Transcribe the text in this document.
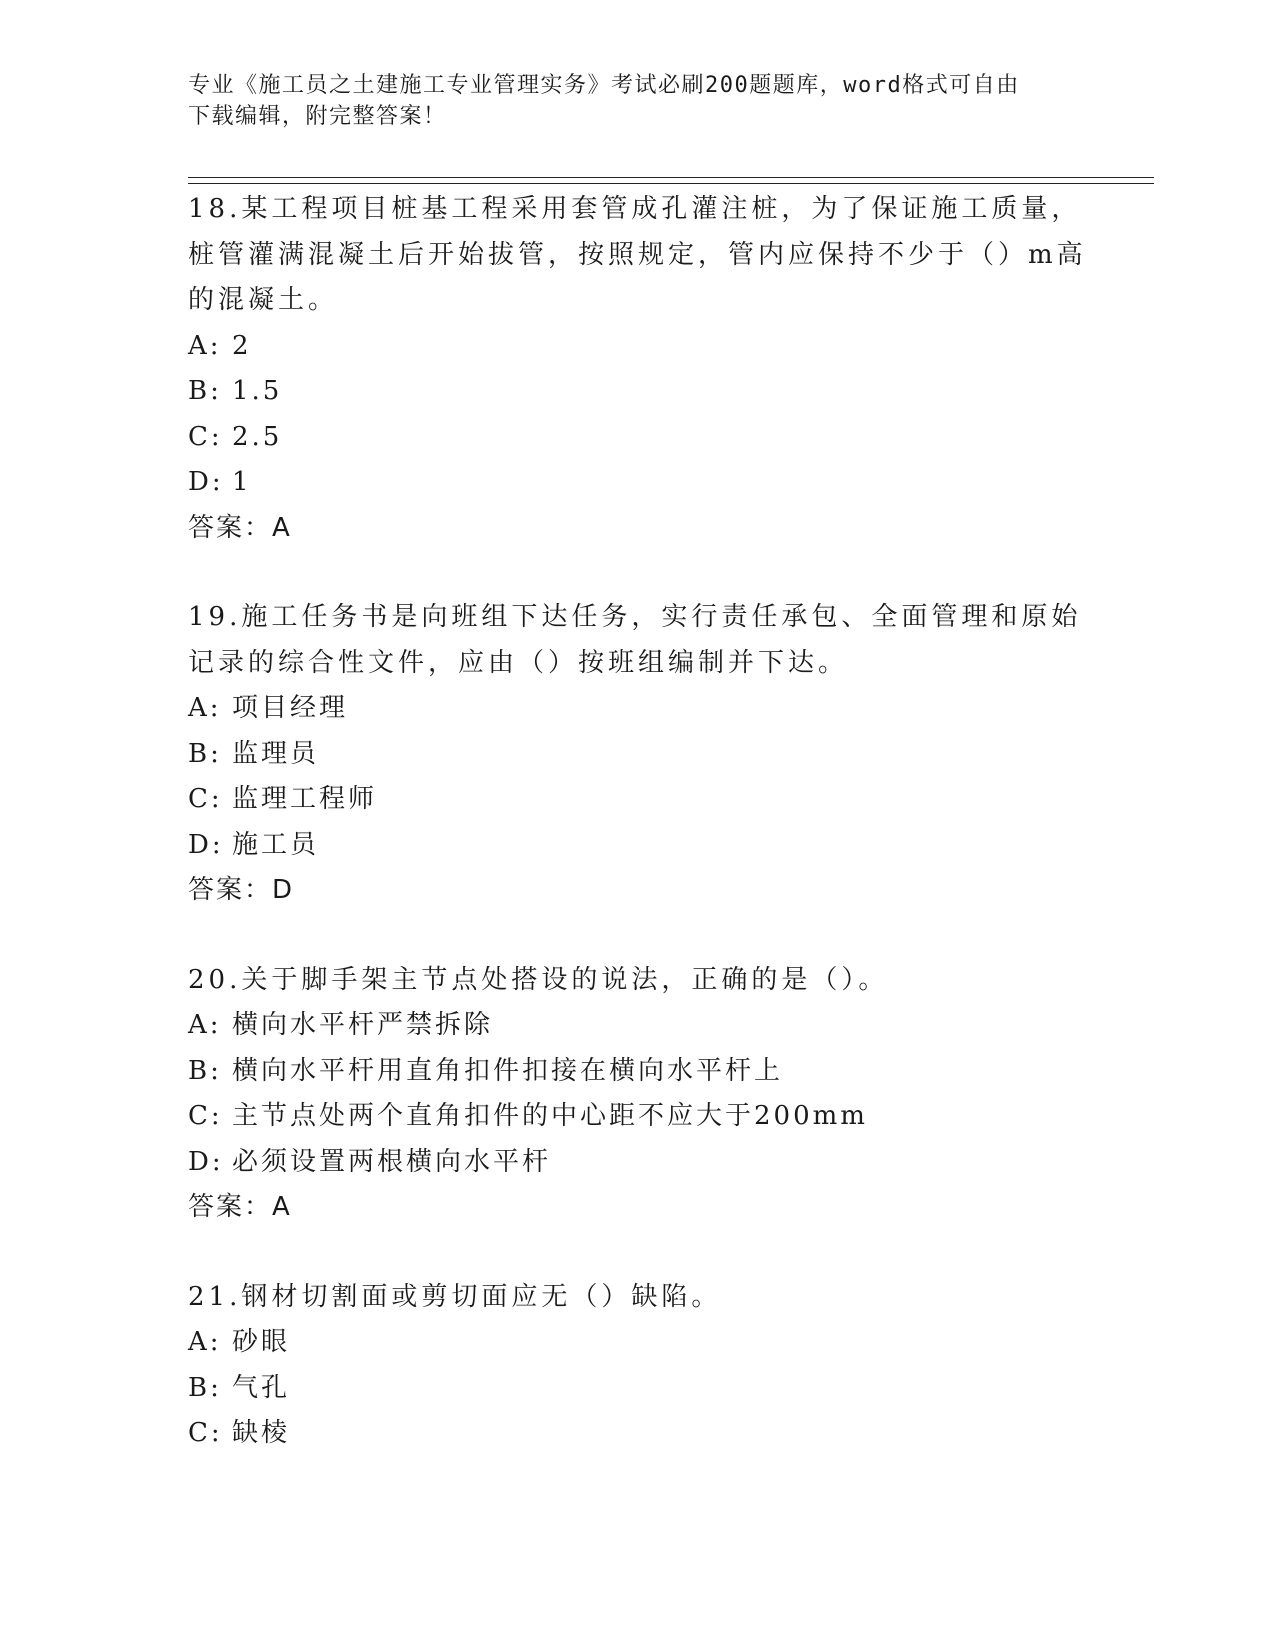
专业《施工员之土建施工专业管理实务》考试必刷200题题库，word格式可自由
下载编辑，附完整答案！

18.某工程项目桩基工程采用套管成孔灌注桩，为了保证施工质量，桩管灌满混凝土后开始拔管，按照规定，管内应保持不少于（）m高的混凝土。

A: 2

B: 1.5

C: 2.5

D: 1

答案：A

19.施工任务书是向班组下达任务，实行责任承包、全面管理和原始记录的综合性文件，应由（）按班组编制并下达。

A: 项目经理

B: 监理员

C: 监理工程师

D: 施工员

答案：D

20.关于脚手架主节点处搭设的说法，正确的是（）。

A: 横向水平杆严禁拆除

B: 横向水平杆用直角扣件扣接在横向水平杆上

C: 主节点处两个直角扣件的中心距不应大于200mm

D: 必须设置两根横向水平杆

答案：A

21.钢材切割面或剪切面应无（）缺陷。

A: 砂眼

B: 气孔

C: 缺棱
